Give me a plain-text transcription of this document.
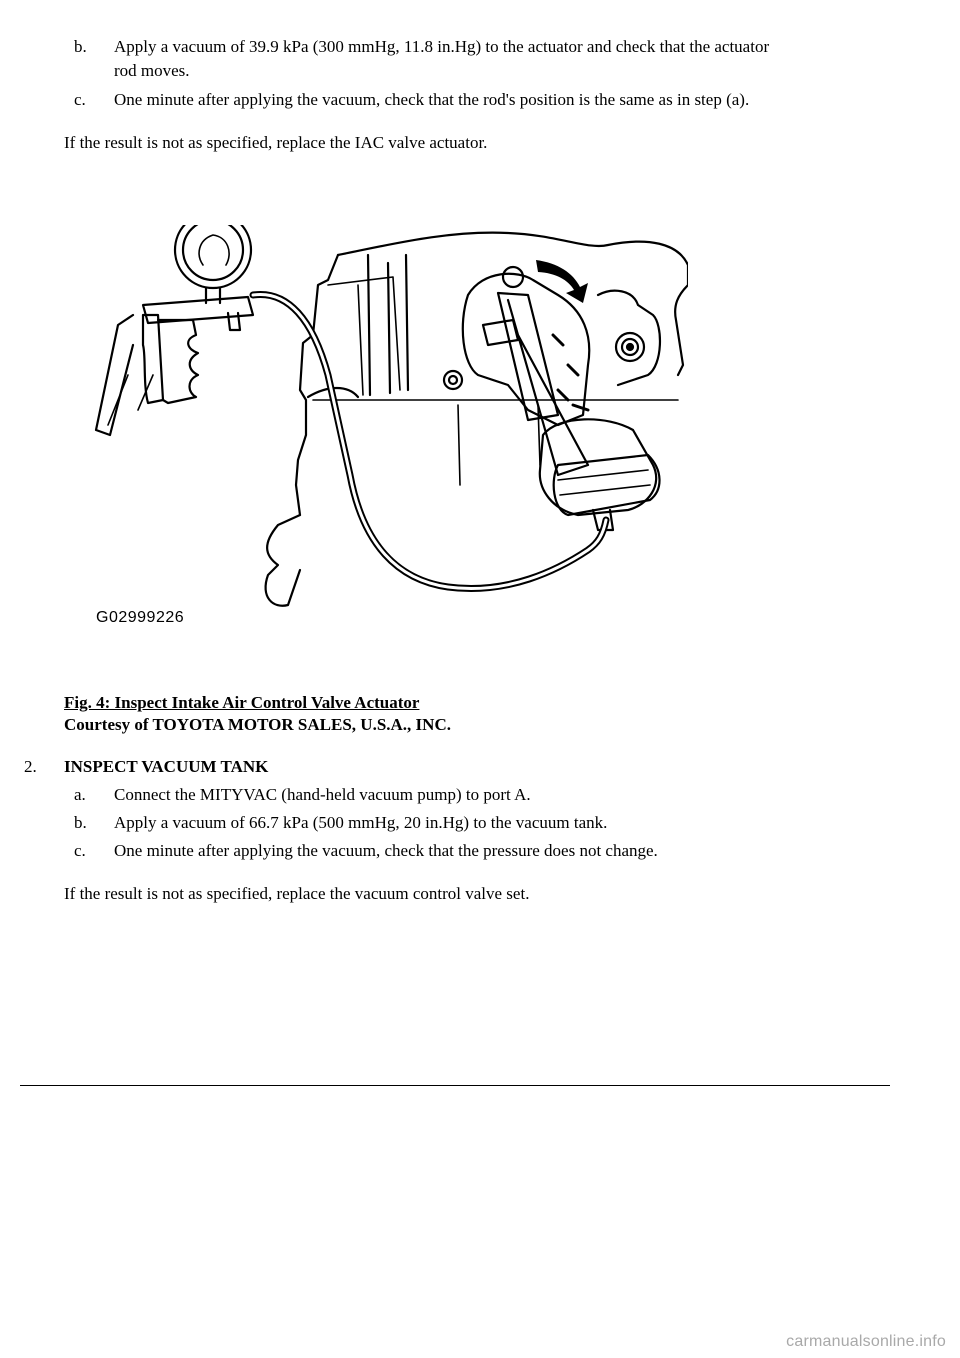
b.	Apply a vacuum of 39.9 kPa (300 mmHg, 11.8 in.Hg) to the actuator and check that the actuator
rod moves.
c.	One minute after applying the vacuum, check that the rod's position is the same as in step (a).
If the result is not as specified, replace the IAC valve actuator.
G02999226
Fig. 4: Inspect Intake Air Control Valve Actuator
Courtesy of TOYOTA MOTOR SALES, U.S.A., INC.
2. INSPECT VACUUM TANK
a.	Connect the MITYVAC (hand-held vacuum pump) to port A.
b.	Apply a vacuum of 66.7 kPa (500 mmHg, 20 in.Hg) to the vacuum tank.
c.	One minute after applying the vacuum, check that the pressure does not change.
If the result is not as specified, replace the vacuum control valve set.
carmanualsonline.info
